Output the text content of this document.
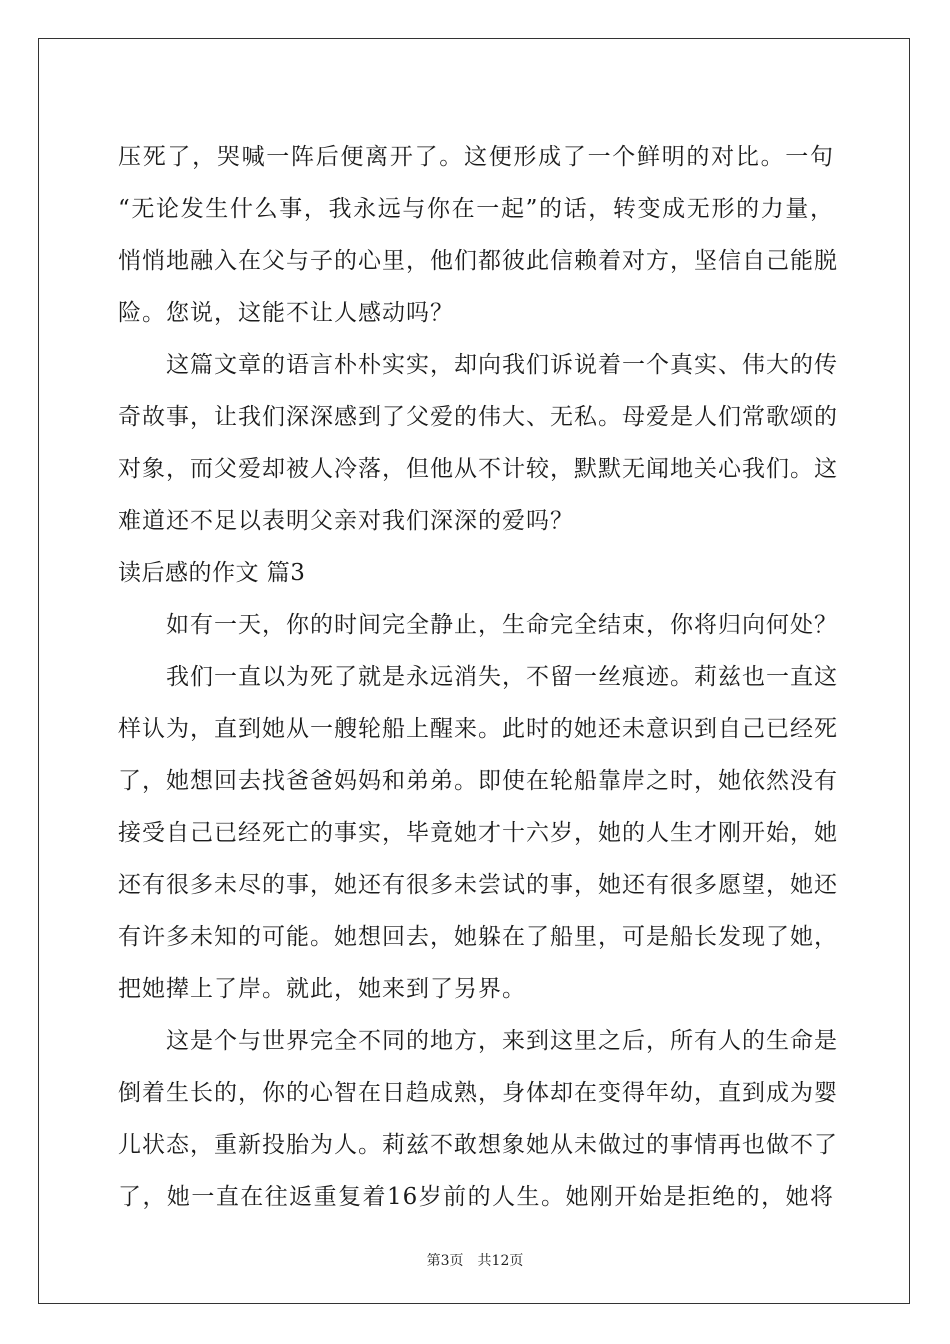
压死了，哭喊一阵后便离开了。这便形成了一个鲜明的对比。一句
“无论发生什么事，我永远与你在一起”的话，转变成无形的力量，
悄悄地融入在父与子的心里，他们都彼此信赖着对方，坚信自己能脱
险。您说，这能不让人感动吗？
这篇文章的语言朴朴实实，却向我们诉说着一个真实、伟大的传
奇故事，让我们深深感到了父爱的伟大、无私。母爱是人们常歌颂的
对象，而父爱却被人冷落，但他从不计较，默默无闻地关心我们。这
难道还不足以表明父亲对我们深深的爱吗？
读后感的作文 篇3
如有一天，你的时间完全静止，生命完全结束，你将归向何处？
我们一直以为死了就是永远消失，不留一丝痕迹。莉兹也一直这
样认为，直到她从一艘轮船上醒来。此时的她还未意识到自己已经死
了，她想回去找爸爸妈妈和弟弟。即使在轮船靠岸之时，她依然没有
接受自己已经死亡的事实，毕竟她才十六岁，她的人生才刚开始，她
还有很多未尽的事，她还有很多未尝试的事，她还有很多愿望，她还
有许多未知的可能。她想回去，她躲在了船里，可是船长发现了她，
把她撵上了岸。就此，她来到了另界。
这是个与世界完全不同的地方，来到这里之后，所有人的生命是
倒着生长的，你的心智在日趋成熟，身体却在变得年幼，直到成为婴
儿状态，重新投胎为人。莉兹不敢想象她从未做过的事情再也做不了
了，她一直在往返重复着16岁前的人生。她刚开始是拒绝的，她将
第3页　共12页
